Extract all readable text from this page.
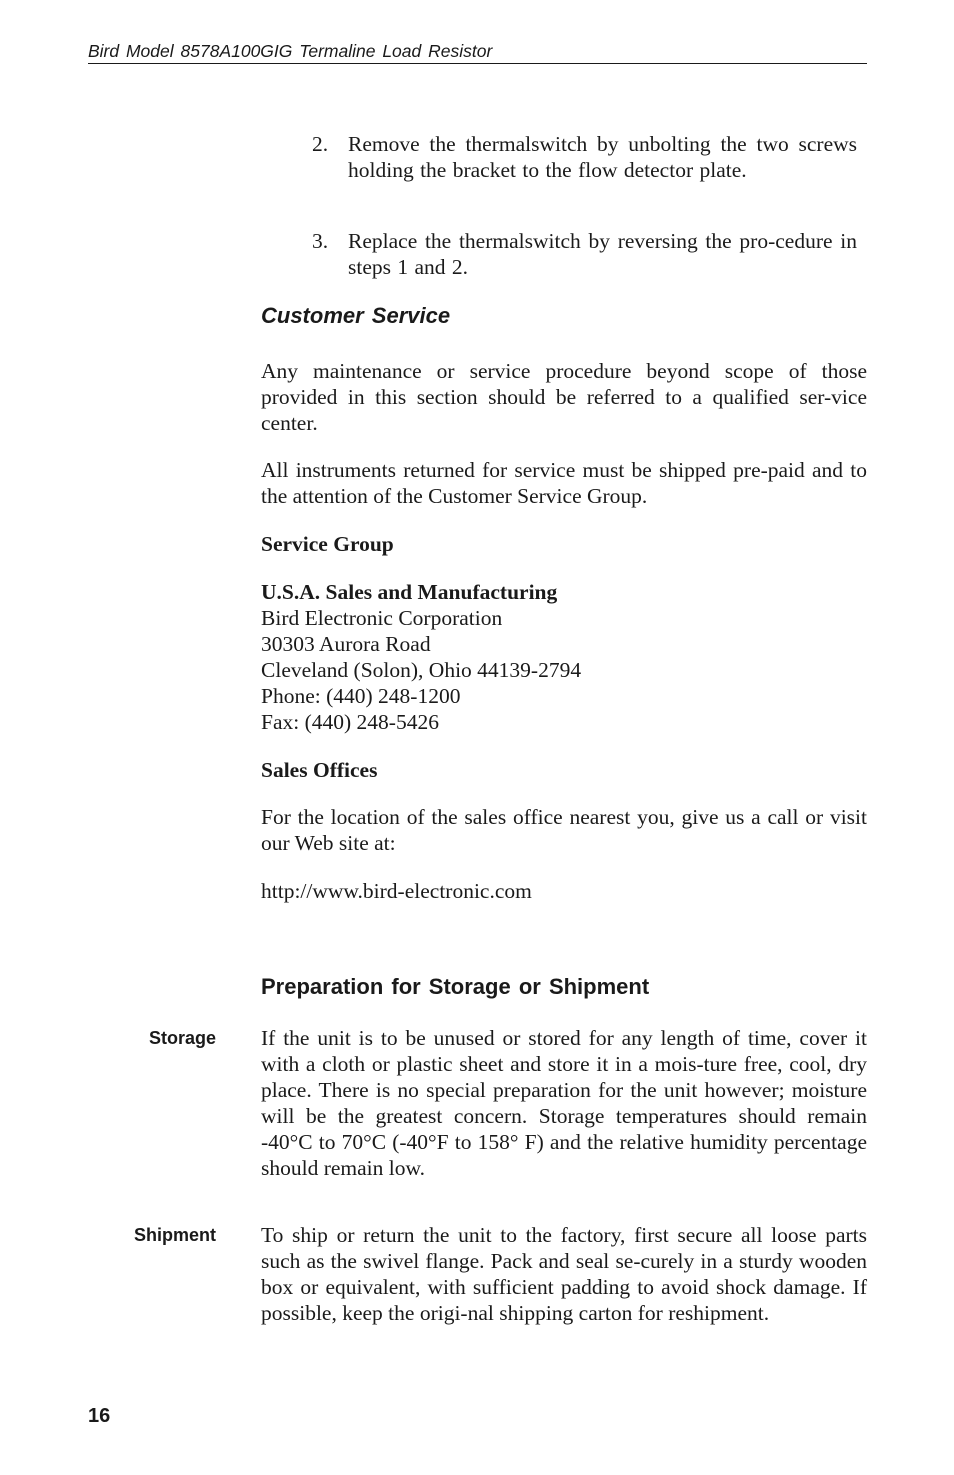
Bird Model 8578A100GIG Termaline Load Resistor
2. Remove the thermalswitch by unbolting the two screws holding the bracket to the flow detector plate.
3. Replace the thermalswitch by reversing the pro-cedure in steps 1 and 2.
Customer Service
Any maintenance or service procedure beyond scope of those provided in this section should be referred to a qualified ser-vice center.
All instruments returned for service must be shipped pre-paid and to the attention of the Customer Service Group.
Service Group
U.S.A. Sales and Manufacturing
Bird Electronic Corporation
30303 Aurora Road
Cleveland (Solon), Ohio 44139-2794
Phone: (440) 248-1200
Fax: (440) 248-5426
Sales Offices
For the location of the sales office nearest you, give us a call or visit our Web site at:
http://www.bird-electronic.com
Preparation for Storage or Shipment
Storage If the unit is to be unused or stored for any length of time, cover it with a cloth or plastic sheet and store it in a mois-ture free, cool, dry place. There is no special preparation for the unit however; moisture will be the greatest concern. Storage temperatures should remain -40°C to 70°C (-40°F to 158° F) and the relative humidity percentage should remain low.
Shipment To ship or return the unit to the factory, first secure all loose parts such as the swivel flange. Pack and seal se-curely in a sturdy wooden box or equivalent, with sufficient padding to avoid shock damage. If possible, keep the origi-nal shipping carton for reshipment.
16
